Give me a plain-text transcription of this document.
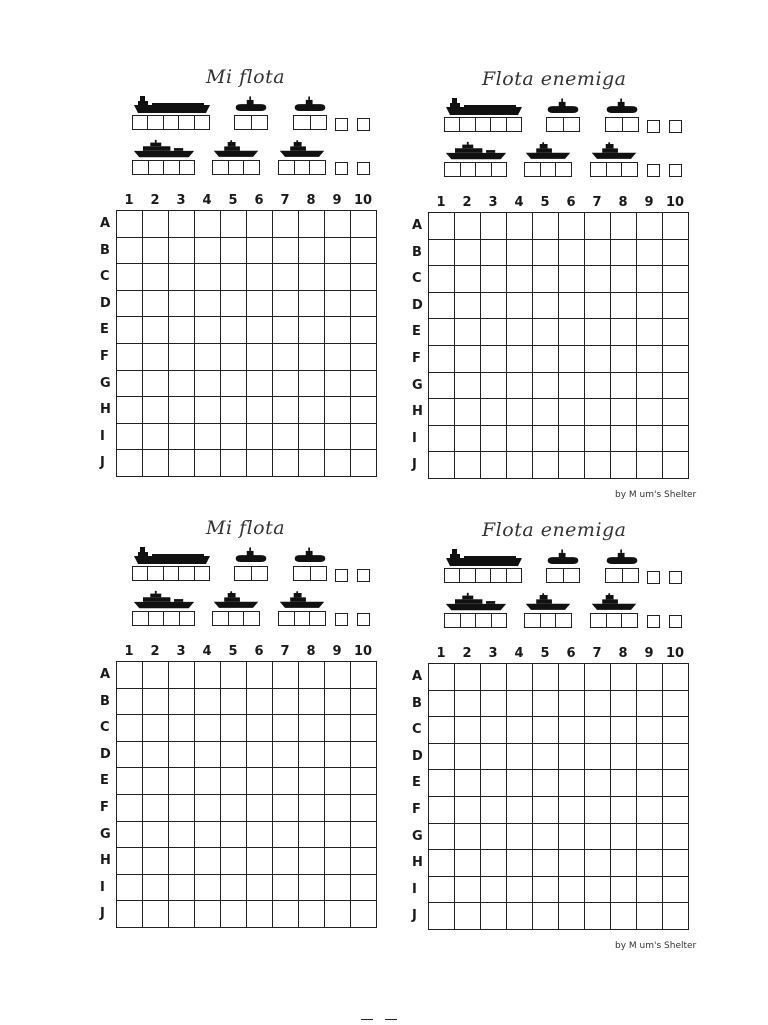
Mi flota
1	2	3	4	5	6	7	8	9 10
A
B
C
D
E
F
G
H
I
J
Flota enemiga
1	2	3	4	5	6	7	8	9 10
A
B
C
D
E
F
G
H
I
J
by M um's Shelter
Mi flota
1	2	3	4	5	6	7	8	9 10
A
B
C
D
E
F
G
H
I
J
Flota enemiga
1	2	3	4	5	6	7	8	9 10
A
B
C
D
E
F
G
H
I
J
by M um's Shelter
